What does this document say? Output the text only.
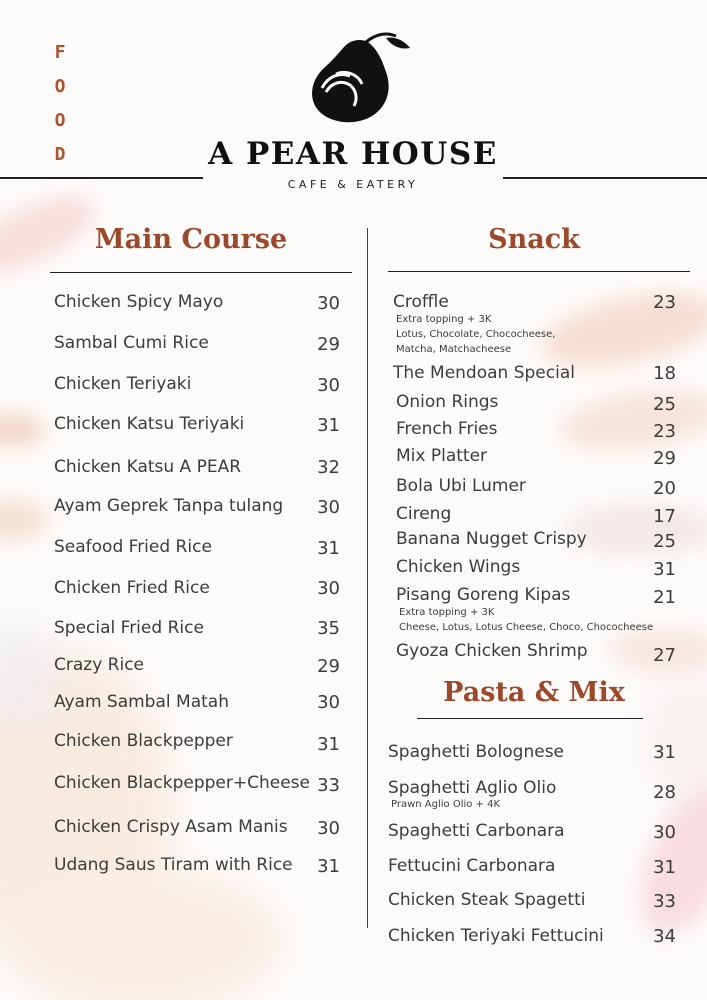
F
O
O
D	A PEAR HOUSE
CAFE & EATERY
Main Course
Chicken Spicy Mayo	30
Sambal Cumi Rice	29
Chicken Teriyaki	30
Chicken Katsu Teriyaki	31
Chicken Katsu A PEAR	32
Ayam Geprek Tanpa tulang	30
Seafood Fried Rice	31
Chicken Fried Rice	30
Special Fried Rice	35
Crazy Rice	29
Ayam Sambal Matah	30
Chicken Blackpepper	31
Chicken Blackpepper+Cheese 33
Chicken Crispy Asam Manis	30
Udang Saus Tiram with Rice	31
Snack
Croffle	23
Extra topping + 3K
Lotus, Chocolate, Chococheese,
Matcha, Matchacheese
The Mendoan Special	18
Onion Rings	25
French Fries	23
Mix Platter	29
Bola Ubi Lumer	20
Cireng	17
Banana Nugget Crispy	25
Chicken Wings	31
Pisang Goreng Kipas	21
Extra topping + 3K
Cheese, Lotus, Lotus Cheese, Choco, Chococheese
Gyoza Chicken Shrimp	27
Pasta & Mix
Spaghetti Bolognese	31
Spaghetti Aglio Olio	28
Prawn Aglio Olio + 4K
Spaghetti Carbonara	30
Fettucini Carbonara	31
Chicken Steak Spagetti	33
Chicken Teriyaki Fettucini	34
